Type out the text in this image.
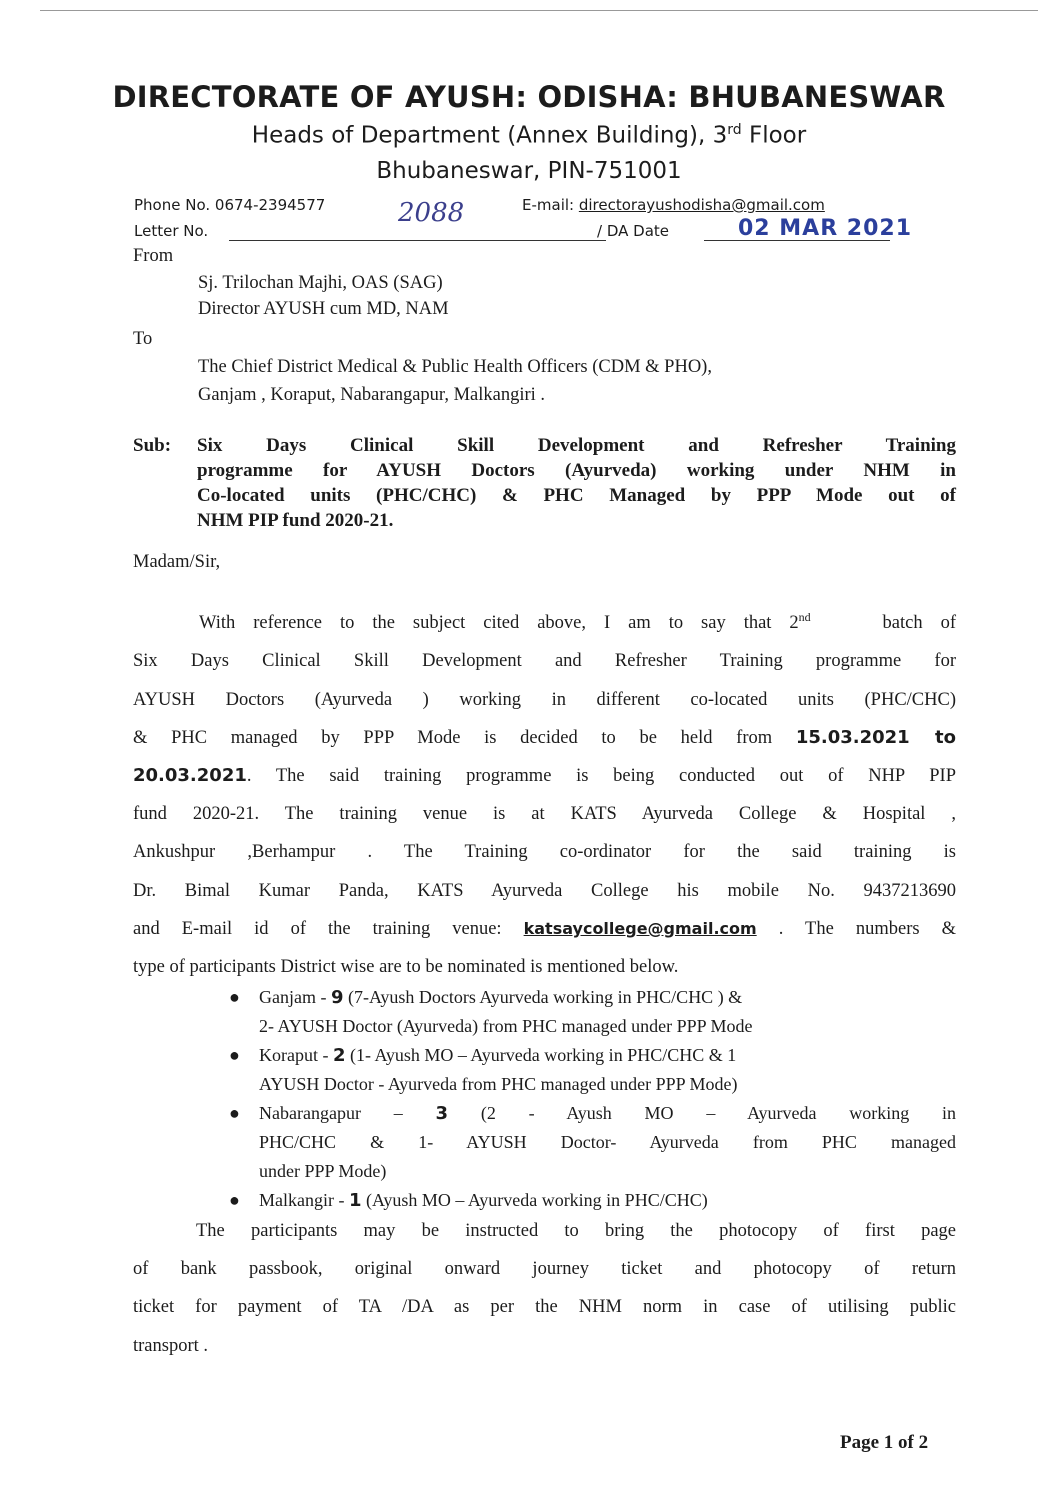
DIRECTORATE OF AYUSH: ODISHA: BHUBANESWAR
Heads of Department (Annex Building), 3rd Floor
Bhubaneswar, PIN-751001
Phone No. 0674-2394577	E-mail: directorayushodisha@gmail.com
Letter No.
2088
/ DA Date	02 MAR 2021
From
Sj. Trilochan Majhi, OAS (SAG)
Director AYUSH cum MD, NAM
To
The Chief District Medical & Public Health Officers (CDM & PHO),
Ganjam , Koraput, Nabarangapur, Malkangiri .
Sub:	Six Days Clinical Skill Development and Refresher Training
programme for AYUSH Doctors (Ayurveda) working under NHM in
Co-located units (PHC/CHC) & PHC Managed by PPP Mode out of
NHM PIP fund 2020-21.
Madam/Sir,
With reference to the subject cited above, I am to say that 2nd	batch of
Six Days Clinical Skill Development and Refresher Training programme for
AYUSH Doctors (Ayurveda ) working in different co-located units (PHC/CHC)
& PHC managed by PPP Mode is decided to be held from 15.03.2021 to
20.03.2021. The said training programme is being conducted out of NHP PIP
fund 2020-21. The training venue is at KATS Ayurveda College & Hospital ,
Ankushpur ,Berhampur . The Training co-ordinator for the said training is
Dr. Bimal Kumar Panda, KATS Ayurveda College his mobile No. 9437213690
and E-mail id of the training venue: katsaycollege@gmail.com . The numbers &
type of participants District wise are to be nominated is mentioned below.
● Ganjam - 9 (7-Ayush Doctors Ayurveda working in PHC/CHC ) &
2- AYUSH Doctor (Ayurveda) from PHC managed under PPP Mode
● Koraput - 2 (1- Ayush MO – Ayurveda working in PHC/CHC & 1
AYUSH Doctor - Ayurveda from PHC managed under PPP Mode)
● Nabarangapur – 3 (2 - Ayush MO – Ayurveda working in
PHC/CHC & 1- AYUSH Doctor- Ayurveda from PHC managed
under PPP Mode)
● Malkangir - 1 (Ayush MO – Ayurveda working in PHC/CHC)
The participants may be instructed to bring the photocopy of first page
of bank passbook, original onward journey ticket and photocopy of return
ticket for payment of TA /DA as per the NHM norm in case of utilising public
transport .
Page 1 of 2
